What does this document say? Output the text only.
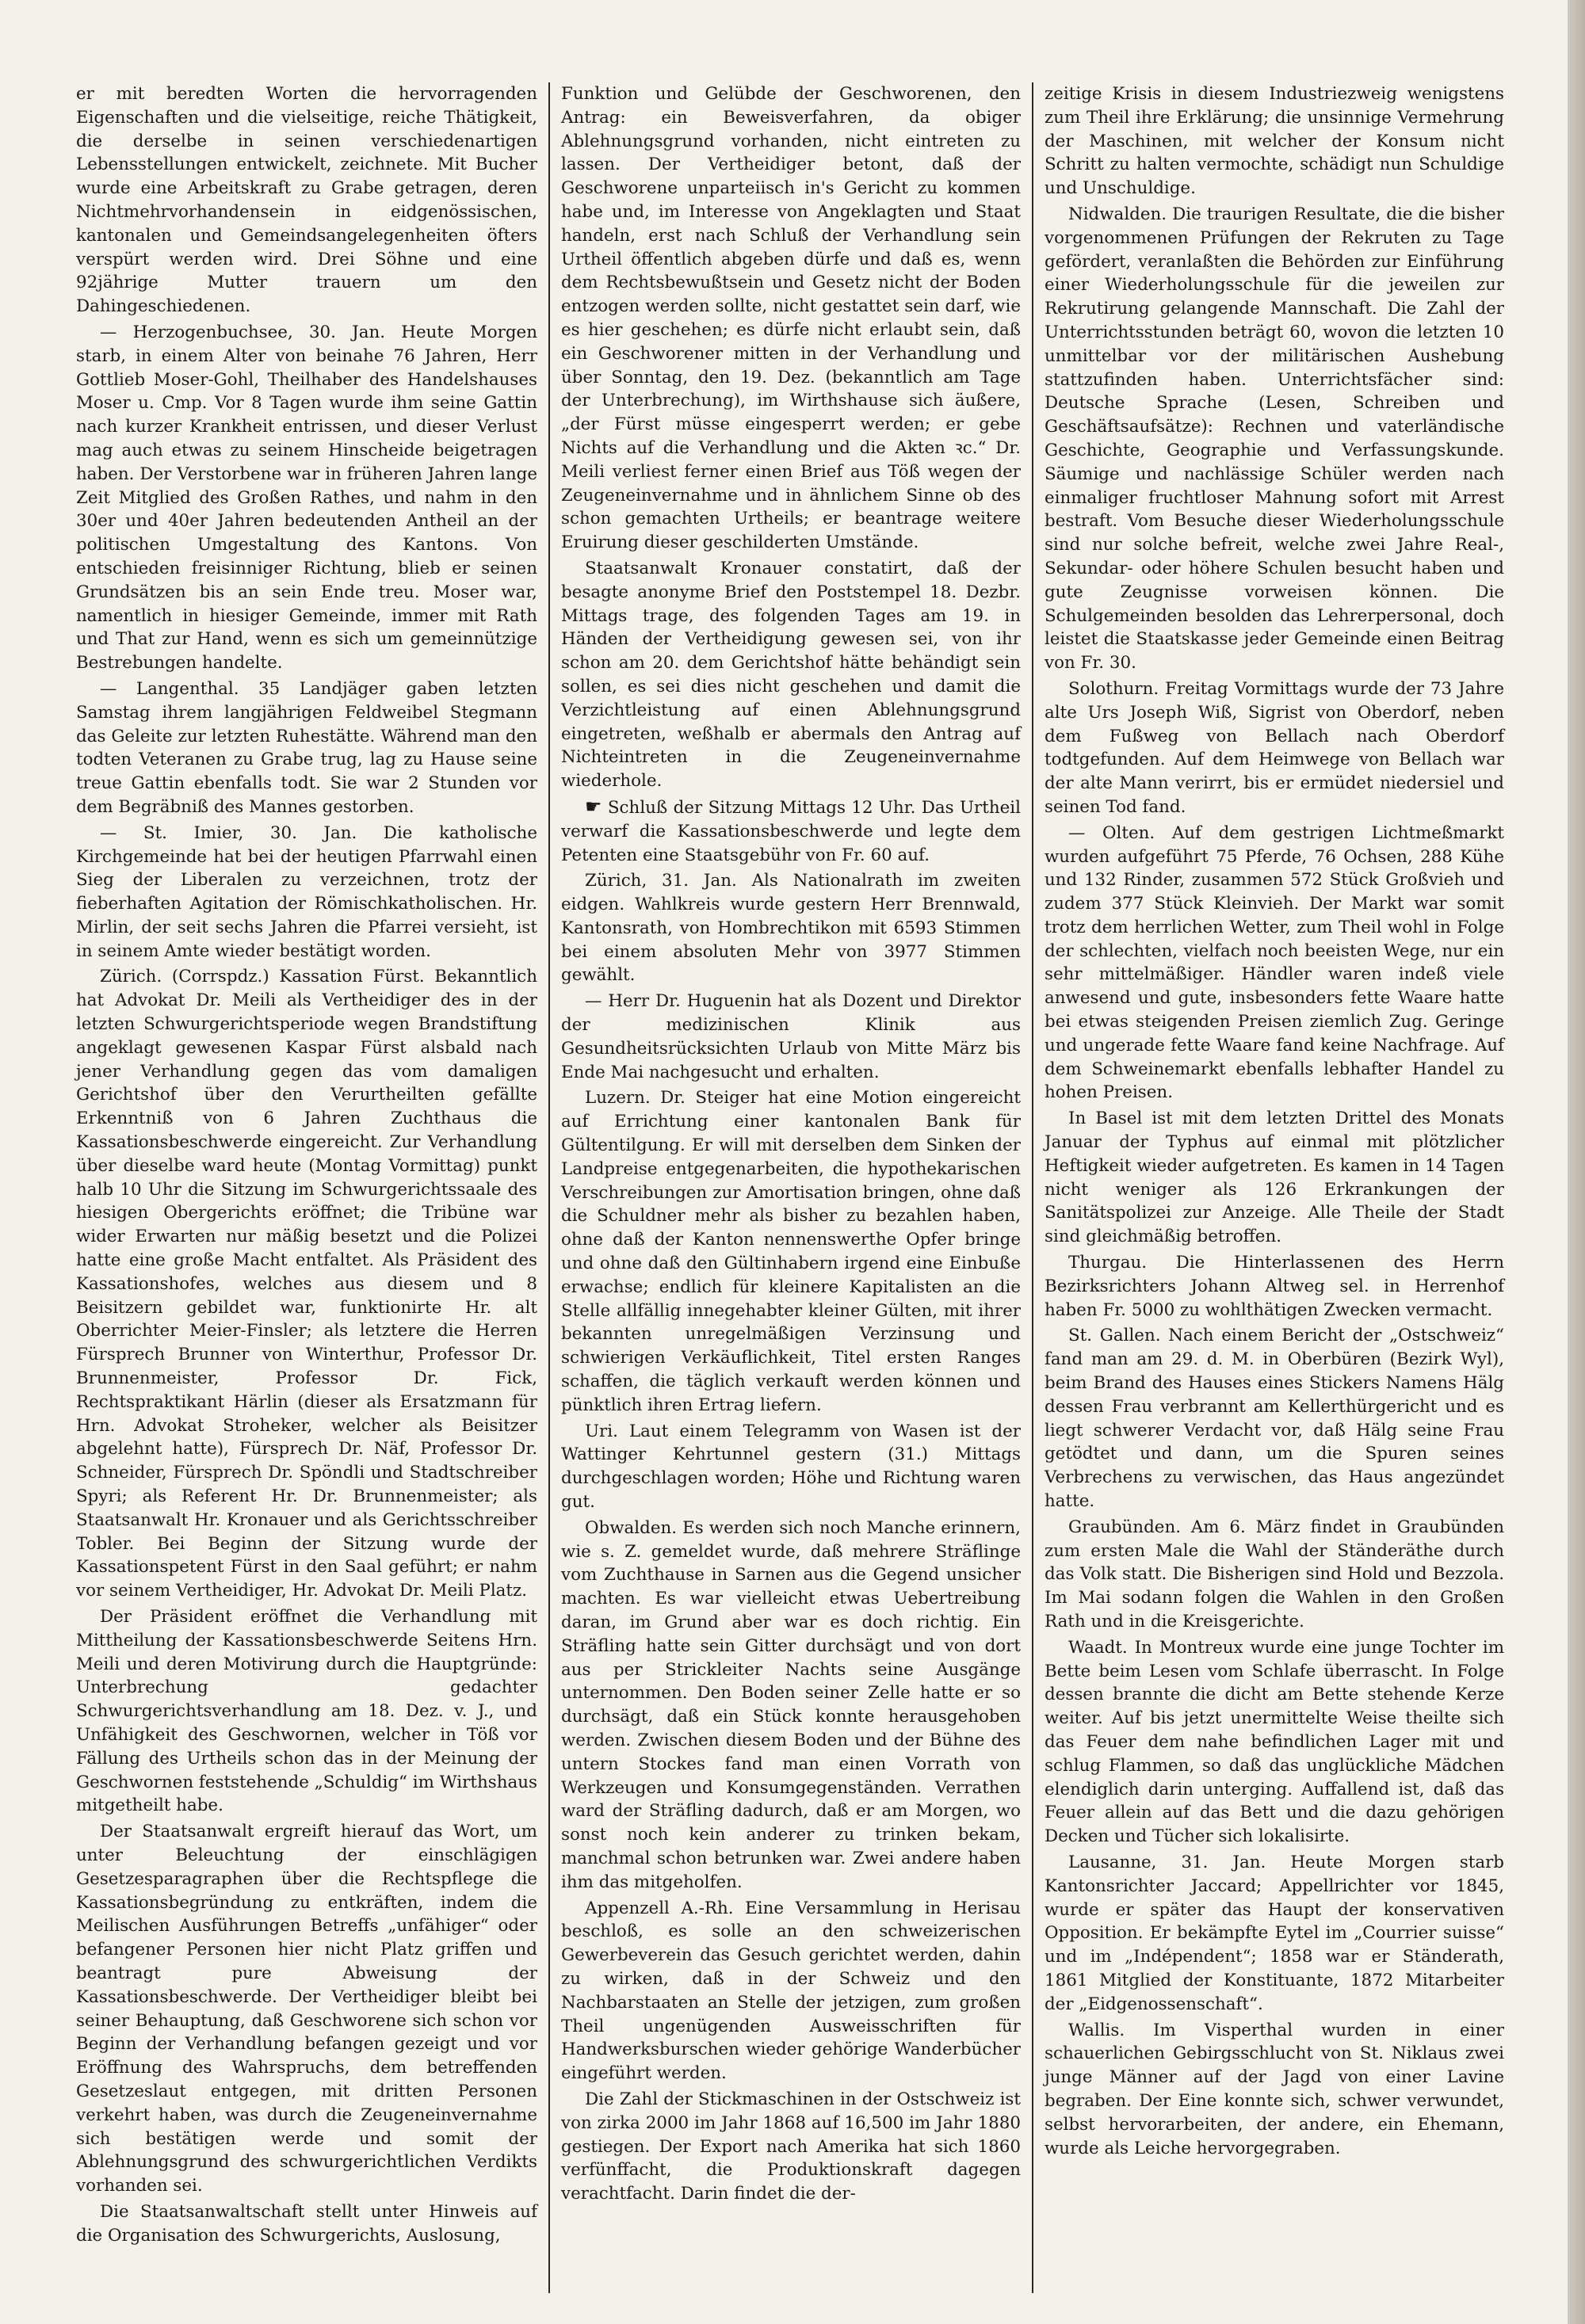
er mit beredten Worten die hervorragenden Eigenschaften und die vielseitige, reiche Thätigkeit, die derselbe in seinen verschiedenartigen Lebensstellungen entwickelt, zeichnete. Mit Bucher wurde eine Arbeitskraft zu Grabe getragen, deren Nichtmehrvorhandensein in eidgenössischen, kantonalen und Gemeindsangelegenheiten öfters verspürt werden wird. Drei Söhne und eine 92jährige Mutter trauern um den Dahingeschiedenen.

— Herzogenbuchsee, 30. Jan. Heute Morgen starb, in einem Alter von beinahe 76 Jahren, Herr Gottlieb Moser-Gohl, Theilhaber des Handelshauses Moser u. Cmp. Vor 8 Tagen wurde ihm seine Gattin nach kurzer Krankheit entrissen, und dieser Verlust mag auch etwas zu seinem Hinscheide beigetragen haben. Der Verstorbene war in früheren Jahren lange Zeit Mitglied des Großen Rathes, und nahm in den 30er und 40er Jahren bedeutenden Antheil an der politischen Umgestaltung des Kantons. Von entschieden freisinniger Richtung, blieb er seinen Grundsätzen bis an sein Ende treu. Moser war, namentlich in hiesiger Gemeinde, immer mit Rath und That zur Hand, wenn es sich um gemeinnützige Bestrebungen handelte.

— Langenthal. 35 Landjäger gaben letzten Samstag ihrem langjährigen Feldweibel Stegmann das Geleite zur letzten Ruhestätte. Während man den todten Veteranen zu Grabe trug, lag zu Hause seine treue Gattin ebenfalls todt. Sie war 2 Stunden vor dem Begräbniß des Mannes gestorben.

— St. Imier, 30. Jan. Die katholische Kirchgemeinde hat bei der heutigen Pfarrwahl einen Sieg der Liberalen zu verzeichnen, trotz der fieberhaften Agitation der Römischkatholischen. Hr. Mirlin, der seit sechs Jahren die Pfarrei versieht, ist in seinem Amte wieder bestätigt worden.

Zürich. (Corrspdz.) Kassation Fürst. Bekanntlich hat Advokat Dr. Meili als Vertheidiger des in der letzten Schwurgerichtsperiode wegen Brandstiftung angeklagt gewesenen Kaspar Fürst alsbald nach jener Verhandlung gegen das vom damaligen Gerichtshof über den Verurtheilten gefällte Erkenntniß von 6 Jahren Zuchthaus die Kassationsbeschwerde eingereicht. Zur Verhandlung über dieselbe ward heute (Montag Vormittag) punkt halb 10 Uhr die Sitzung im Schwurgerichtssaale des hiesigen Obergerichts eröffnet; die Tribüne war wider Erwarten nur mäßig besetzt und die Polizei hatte eine große Macht entfaltet. Als Präsident des Kassationshofes, welches aus diesem und 8 Beisitzern gebildet war, funktionirte Hr. alt Oberrichter Meier-Finsler; als letztere die Herren Fürsprech Brunner von Winterthur, Professor Dr. Brunnenmeister, Professor Dr. Fick, Rechtspraktikant Härlin (dieser als Ersatzmann für Hrn. Advokat Stroheker, welcher als Beisitzer abgelehnt hatte), Fürsprech Dr. Näf, Professor Dr. Schneider, Fürsprech Dr. Spöndli und Stadtschreiber Spyri; als Referent Hr. Dr. Brunnenmeister; als Staatsanwalt Hr. Kronauer und als Gerichtsschreiber Tobler. Bei Beginn der Sitzung wurde der Kassationspetent Fürst in den Saal geführt; er nahm vor seinem Vertheidiger, Hr. Advokat Dr. Meili Platz.

Der Präsident eröffnet die Verhandlung mit Mittheilung der Kassationsbeschwerde Seitens Hrn. Meili und deren Motivirung durch die Hauptgründe: Unterbrechung gedachter Schwurgerichtsverhandlung am 18. Dez. v. J., und Unfähigkeit des Geschwornen, welcher in Töß vor Fällung des Urtheils schon das in der Meinung der Geschwornen feststehende „Schuldig“ im Wirthshaus mitgetheilt habe.

Der Staatsanwalt ergreift hierauf das Wort, um unter Beleuchtung der einschlägigen Gesetzesparagraphen über die Rechtspflege die Kassationsbegründung zu entkräften, indem die Meilischen Ausführungen Betreffs „unfähiger“ oder befangener Personen hier nicht Platz griffen und beantragt pure Abweisung der Kassationsbeschwerde. Der Vertheidiger bleibt bei seiner Behauptung, daß Geschworene sich schon vor Beginn der Verhandlung befangen gezeigt und vor Eröffnung des Wahrspruchs, dem betreffenden Gesetzeslaut entgegen, mit dritten Personen verkehrt haben, was durch die Zeugeneinvernahme sich bestätigen werde und somit der Ablehnungsgrund des schwurgerichtlichen Verdikts vorhanden sei.

Die Staatsanwaltschaft stellt unter Hinweis auf die Organisation des Schwurgerichts, Auslosung,

Funktion und Gelübde der Geschworenen, den Antrag: ein Beweisverfahren, da obiger Ablehnungsgrund vorhanden, nicht eintreten zu lassen. Der Vertheidiger betont, daß der Geschworene unparteiisch in's Gericht zu kommen habe und, im Interesse von Angeklagten und Staat handeln, erst nach Schluß der Verhandlung sein Urtheil öffentlich abgeben dürfe und daß es, wenn dem Rechtsbewußtsein und Gesetz nicht der Boden entzogen werden sollte, nicht gestattet sein darf, wie es hier geschehen; es dürfe nicht erlaubt sein, daß ein Geschworener mitten in der Verhandlung und über Sonntag, den 19. Dez. (bekanntlich am Tage der Unterbrechung), im Wirthshause sich äußere, „der Fürst müsse eingesperrt werden; er gebe Nichts auf die Verhandlung und die Akten ꝛc.“ Dr. Meili verliest ferner einen Brief aus Töß wegen der Zeugeneinvernahme und in ähnlichem Sinne ob des schon gemachten Urtheils; er beantrage weitere Eruirung dieser geschilderten Umstände.

Staatsanwalt Kronauer constatirt, daß der besagte anonyme Brief den Poststempel 18. Dezbr. Mittags trage, des folgenden Tages am 19. in Händen der Vertheidigung gewesen sei, von ihr schon am 20. dem Gerichtshof hätte behändigt sein sollen, es sei dies nicht geschehen und damit die Verzichtleistung auf einen Ablehnungsgrund eingetreten, weßhalb er abermals den Antrag auf Nichteintreten in die Zeugeneinvernahme wiederhole.

☛ Schluß der Sitzung Mittags 12 Uhr. Das Urtheil verwarf die Kassationsbeschwerde und legte dem Petenten eine Staatsgebühr von Fr. 60 auf.

Zürich, 31. Jan. Als Nationalrath im zweiten eidgen. Wahlkreis wurde gestern Herr Brennwald, Kantonsrath, von Hombrechtikon mit 6593 Stimmen bei einem absoluten Mehr von 3977 Stimmen gewählt.

— Herr Dr. Huguenin hat als Dozent und Direktor der medizinischen Klinik aus Gesundheitsrücksichten Urlaub von Mitte März bis Ende Mai nachgesucht und erhalten.

Luzern. Dr. Steiger hat eine Motion eingereicht auf Errichtung einer kantonalen Bank für Gültentilgung. Er will mit derselben dem Sinken der Landpreise entgegenarbeiten, die hypothekarischen Verschreibungen zur Amortisation bringen, ohne daß die Schuldner mehr als bisher zu bezahlen haben, ohne daß der Kanton nennenswerthe Opfer bringe und ohne daß den Gültinhabern irgend eine Einbuße erwachse; endlich für kleinere Kapitalisten an die Stelle allfällig innegehabter kleiner Gülten, mit ihrer bekannten unregelmäßigen Verzinsung und schwierigen Verkäuflichkeit, Titel ersten Ranges schaffen, die täglich verkauft werden können und pünktlich ihren Ertrag liefern.

Uri. Laut einem Telegramm von Wasen ist der Wattinger Kehrtunnel gestern (31.) Mittags durchgeschlagen worden; Höhe und Richtung waren gut.

Obwalden. Es werden sich noch Manche erinnern, wie s. Z. gemeldet wurde, daß mehrere Sträflinge vom Zuchthause in Sarnen aus die Gegend unsicher machten. Es war vielleicht etwas Uebertreibung daran, im Grund aber war es doch richtig. Ein Sträfling hatte sein Gitter durchsägt und von dort aus per Strickleiter Nachts seine Ausgänge unternommen. Den Boden seiner Zelle hatte er so durchsägt, daß ein Stück konnte herausgehoben werden. Zwischen diesem Boden und der Bühne des untern Stockes fand man einen Vorrath von Werkzeugen und Konsumgegenständen. Verrathen ward der Sträfling dadurch, daß er am Morgen, wo sonst noch kein anderer zu trinken bekam, manchmal schon betrunken war. Zwei andere haben ihm das mitgeholfen.

Appenzell A.-Rh. Eine Versammlung in Herisau beschloß, es solle an den schweizerischen Gewerbeverein das Gesuch gerichtet werden, dahin zu wirken, daß in der Schweiz und den Nachbarstaaten an Stelle der jetzigen, zum großen Theil ungenügenden Ausweisschriften für Handwerksburschen wieder gehörige Wanderbücher eingeführt werden.

Die Zahl der Stickmaschinen in der Ostschweiz ist von zirka 2000 im Jahr 1868 auf 16,500 im Jahr 1880 gestiegen. Der Export nach Amerika hat sich 1860 verfünffacht, die Produktionskraft dagegen verachtfacht. Darin findet die der-

zeitige Krisis in diesem Industriezweig wenigstens zum Theil ihre Erklärung; die unsinnige Vermehrung der Maschinen, mit welcher der Konsum nicht Schritt zu halten vermochte, schädigt nun Schuldige und Unschuldige.

Nidwalden. Die traurigen Resultate, die die bisher vorgenommenen Prüfungen der Rekruten zu Tage gefördert, veranlaßten die Behörden zur Einführung einer Wiederholungsschule für die jeweilen zur Rekrutirung gelangende Mannschaft. Die Zahl der Unterrichtsstunden beträgt 60, wovon die letzten 10 unmittelbar vor der militärischen Aushebung stattzufinden haben. Unterrichtsfächer sind: Deutsche Sprache (Lesen, Schreiben und Geschäftsaufsätze): Rechnen und vaterländische Geschichte, Geographie und Verfassungskunde. Säumige und nachlässige Schüler werden nach einmaliger fruchtloser Mahnung sofort mit Arrest bestraft. Vom Besuche dieser Wiederholungsschule sind nur solche befreit, welche zwei Jahre Real-, Sekundar- oder höhere Schulen besucht haben und gute Zeugnisse vorweisen können. Die Schulgemeinden besolden das Lehrerpersonal, doch leistet die Staatskasse jeder Gemeinde einen Beitrag von Fr. 30.

Solothurn. Freitag Vormittags wurde der 73 Jahre alte Urs Joseph Wiß, Sigrist von Oberdorf, neben dem Fußweg von Bellach nach Oberdorf todtgefunden. Auf dem Heimwege von Bellach war der alte Mann verirrt, bis er ermüdet niedersiel und seinen Tod fand.

— Olten. Auf dem gestrigen Lichtmeßmarkt wurden aufgeführt 75 Pferde, 76 Ochsen, 288 Kühe und 132 Rinder, zusammen 572 Stück Großvieh und zudem 377 Stück Kleinvieh. Der Markt war somit trotz dem herrlichen Wetter, zum Theil wohl in Folge der schlechten, vielfach noch beeisten Wege, nur ein sehr mittelmäßiger. Händler waren indeß viele anwesend und gute, insbesonders fette Waare hatte bei etwas steigenden Preisen ziemlich Zug. Geringe und ungerade fette Waare fand keine Nachfrage. Auf dem Schweinemarkt ebenfalls lebhafter Handel zu hohen Preisen.

In Basel ist mit dem letzten Drittel des Monats Januar der Typhus auf einmal mit plötzlicher Heftigkeit wieder aufgetreten. Es kamen in 14 Tagen nicht weniger als 126 Erkrankungen der Sanitätspolizei zur Anzeige. Alle Theile der Stadt sind gleichmäßig betroffen.

Thurgau. Die Hinterlassenen des Herrn Bezirksrichters Johann Altweg sel. in Herrenhof haben Fr. 5000 zu wohlthätigen Zwecken vermacht.

St. Gallen. Nach einem Bericht der „Ostschweiz“ fand man am 29. d. M. in Oberbüren (Bezirk Wyl), beim Brand des Hauses eines Stickers Namens Hälg dessen Frau verbrannt am Kellerthürgericht und es liegt schwerer Verdacht vor, daß Hälg seine Frau getödtet und dann, um die Spuren seines Verbrechens zu verwischen, das Haus angezündet hatte.

Graubünden. Am 6. März findet in Graubünden zum ersten Male die Wahl der Ständeräthe durch das Volk statt. Die Bisherigen sind Hold und Bezzola. Im Mai sodann folgen die Wahlen in den Großen Rath und in die Kreisgerichte.

Waadt. In Montreux wurde eine junge Tochter im Bette beim Lesen vom Schlafe überrascht. In Folge dessen brannte die dicht am Bette stehende Kerze weiter. Auf bis jetzt unermittelte Weise theilte sich das Feuer dem nahe befindlichen Lager mit und schlug Flammen, so daß das unglückliche Mädchen elendiglich darin unterging. Auffallend ist, daß das Feuer allein auf das Bett und die dazu gehörigen Decken und Tücher sich lokalisirte.

Lausanne, 31. Jan. Heute Morgen starb Kantonsrichter Jaccard; Appellrichter vor 1845, wurde er später das Haupt der konservativen Opposition. Er bekämpfte Eytel im „Courrier suisse“ und im „Indépendent“; 1858 war er Ständerath, 1861 Mitglied der Konstituante, 1872 Mitarbeiter der „Eidgenossenschaft“.

Wallis. Im Visperthal wurden in einer schauerlichen Gebirgsschlucht von St. Niklaus zwei junge Männer auf der Jagd von einer Lavine begraben. Der Eine konnte sich, schwer verwundet, selbst hervorarbeiten, der andere, ein Ehemann, wurde als Leiche hervorgegraben.
